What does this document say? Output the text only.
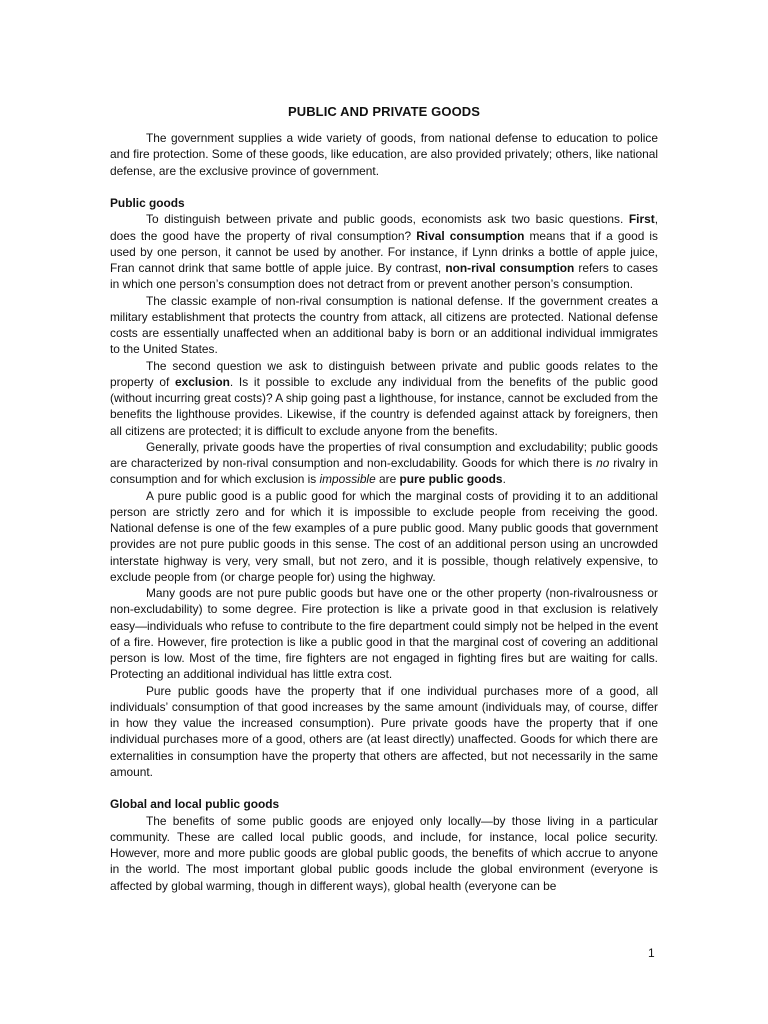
PUBLIC AND PRIVATE GOODS

The government supplies a wide variety of goods, from national defense to education to police and fire protection. Some of these goods, like education, are also provided privately; others, like national defense, are the exclusive province of government.

Public goods

To distinguish between private and public goods, economists ask two basic questions. First, does the good have the property of rival consumption? Rival consumption means that if a good is used by one person, it cannot be used by another. For instance, if Lynn drinks a bottle of apple juice, Fran cannot drink that same bottle of apple juice. By contrast, non-rival consumption refers to cases in which one person’s consumption does not detract from or prevent another person’s consumption.

The classic example of non-rival consumption is national defense. If the government creates a military establishment that protects the country from attack, all citizens are protected. National defense costs are essentially unaffected when an additional baby is born or an additional individual immigrates to the United States.

The second question we ask to distinguish between private and public goods relates to the property of exclusion. Is it possible to exclude any individual from the benefits of the public good (without incurring great costs)? A ship going past a lighthouse, for instance, cannot be excluded from the benefits the lighthouse provides. Likewise, if the country is defended against attack by foreigners, then all citizens are protected; it is difficult to exclude anyone from the benefits.

Generally, private goods have the properties of rival consumption and excludability; public goods are characterized by non-rival consumption and non-excludability. Goods for which there is no rivalry in consumption and for which exclusion is impossible are pure public goods.

A pure public good is a public good for which the marginal costs of providing it to an additional person are strictly zero and for which it is impossible to exclude people from receiving the good. National defense is one of the few examples of a pure public good. Many public goods that government provides are not pure public goods in this sense. The cost of an additional person using an uncrowded interstate highway is very, very small, but not zero, and it is possible, though relatively expensive, to exclude people from (or charge people for) using the highway.

Many goods are not pure public goods but have one or the other property (non-rivalrousness or non-excludability) to some degree. Fire protection is like a private good in that exclusion is relatively easy—individuals who refuse to contribute to the fire department could simply not be helped in the event of a fire. However, fire protection is like a public good in that the marginal cost of covering an additional person is low. Most of the time, fire fighters are not engaged in fighting fires but are waiting for calls. Protecting an additional individual has little extra cost.

Pure public goods have the property that if one individual purchases more of a good, all individuals’ consumption of that good increases by the same amount (individuals may, of course, differ in how they value the increased consumption). Pure private goods have the property that if one individual purchases more of a good, others are (at least directly) unaffected. Goods for which there are externalities in consumption have the property that others are affected, but not necessarily in the same amount.

Global and local public goods

The benefits of some public goods are enjoyed only locally—by those living in a particular community. These are called local public goods, and include, for instance, local police security. However, more and more public goods are global public goods, the benefits of which accrue to anyone in the world. The most important global public goods include the global environment (everyone is affected by global warming, though in different ways), global health (everyone can be

1
